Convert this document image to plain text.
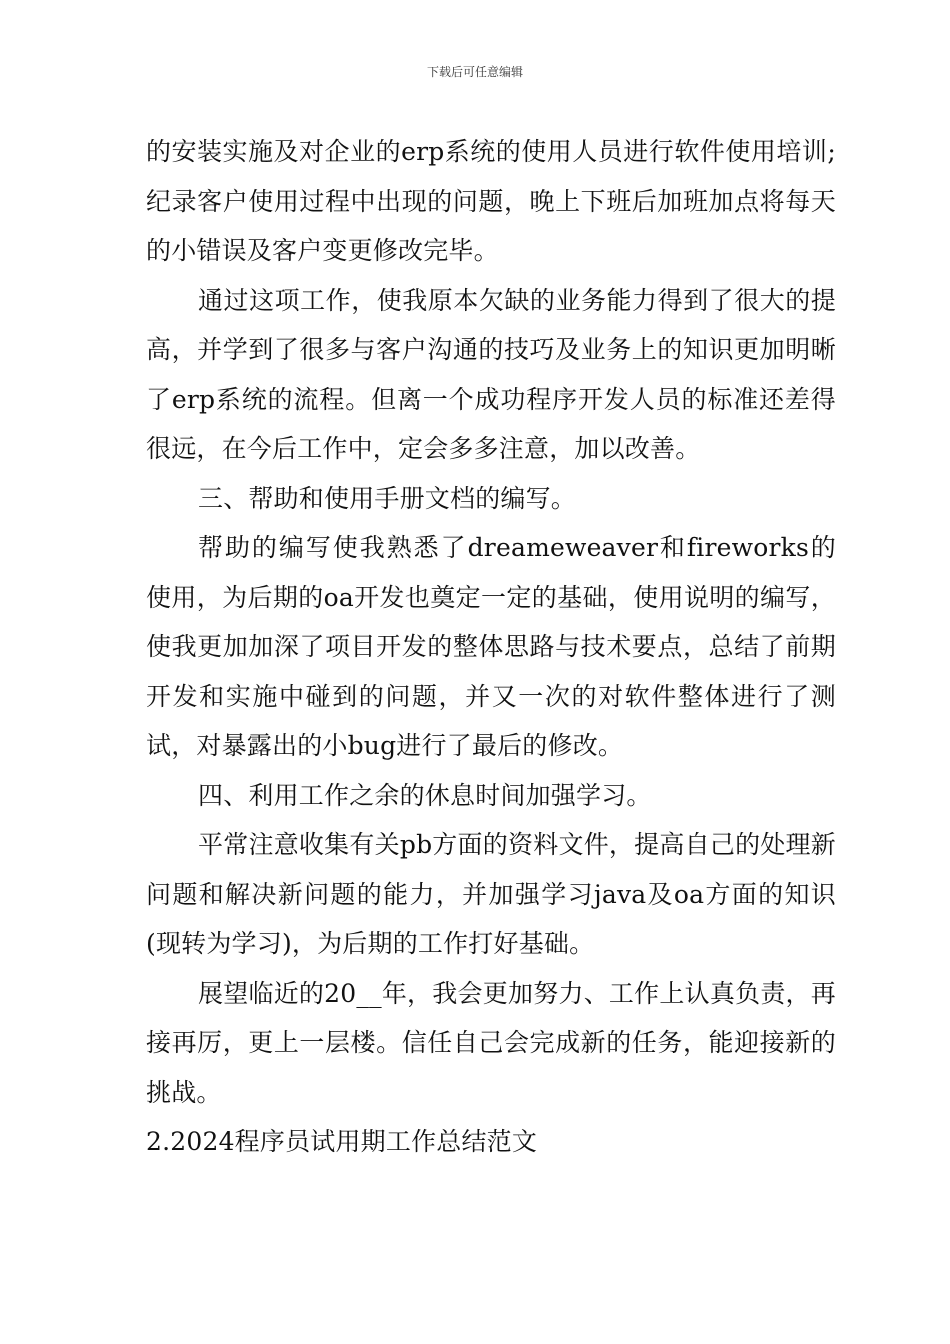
下载后可任意编辑

的安装实施及对企业的erp系统的使用人员进行软件使用培训;纪录客户使用过程中出现的问题，晚上下班后加班加点将每天的小错误及客户变更修改完毕。

通过这项工作，使我原本欠缺的业务能力得到了很大的提高，并学到了很多与客户沟通的技巧及业务上的知识更加明晰了erp系统的流程。但离一个成功程序开发人员的标准还差得很远，在今后工作中，定会多多注意，加以改善。

三、帮助和使用手册文档的编写。

帮助的编写使我熟悉了dreameweaver和fireworks的使用，为后期的oa开发也奠定一定的基础，使用说明的编写，使我更加加深了项目开发的整体思路与技术要点，总结了前期开发和实施中碰到的问题，并又一次的对软件整体进行了测试，对暴露出的小bug进行了最后的修改。

四、利用工作之余的休息时间加强学习。

平常注意收集有关pb方面的资料文件，提高自己的处理新问题和解决新问题的能力，并加强学习java及oa方面的知识(现转为学习)，为后期的工作打好基础。

展望临近的20__年，我会更加努力、工作上认真负责，再接再厉，更上一层楼。信任自己会完成新的任务，能迎接新的挑战。

2.2024程序员试用期工作总结范文
